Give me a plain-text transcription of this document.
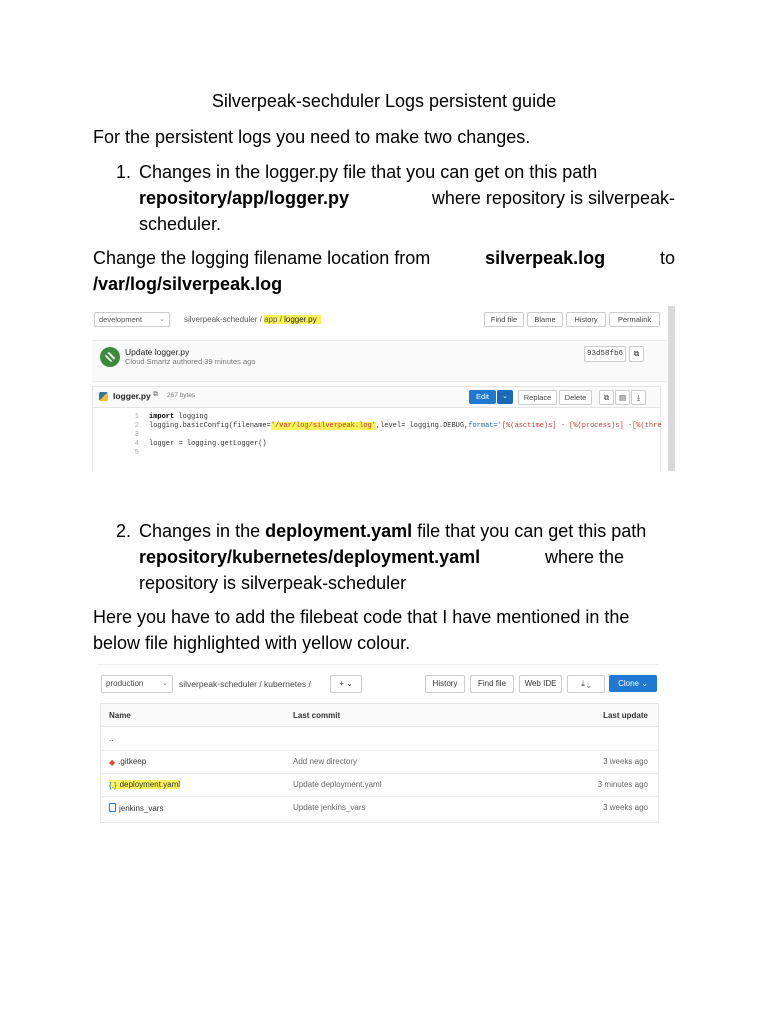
Silverpeak-sechduler Logs persistent guide
For the persistent logs you need to make two changes.
1. Changes in the logger.py file that you can get on this path

repository/app/logger.py	where repository is silverpeak-
scheduler.
Change the logging filename location from	silverpeak.log	to
/var/log/silverpeak.log
development ⌄ silverpeak-scheduler / app / logger.py	Find file	Blame	History	Permalink
Update logger.py
Cloud Smartz authored 39 minutes ago
93d58fb6	⧉
logger.py ⧉ 267 bytes	Edit	⌄	Replace	Delete	⧉	▤	⤓
1 import logging
2 logging.basicConfig(filename='/var/log/silverpeak.log',level= logging.DEBUG,format='[%(asctime)s] - [%(process)s] -[%(thre
3
4 logger = logging.getLogger()
5
2. Changes in the deployment.yaml file that you can get this path

repository/kubernetes/deployment.yaml	where the
repository is silverpeak-scheduler
Here you have to add the filebeat code that I have mentioned in the
below file highlighted with yellow colour.
production	⌄ silverpeak-scheduler / kubernetes /	+ ⌄	History	Find file	Web IDE	⤓ ⌄	Clone ⌄
Name	Last commit	Last update
..
◆ .gitkeep	Add new directory	3 weeks ago
{.} deployment.yaml	Update deployment.yaml	3 minutes ago
jenkins_vars	Update jenkins_vars	3 weeks ago
